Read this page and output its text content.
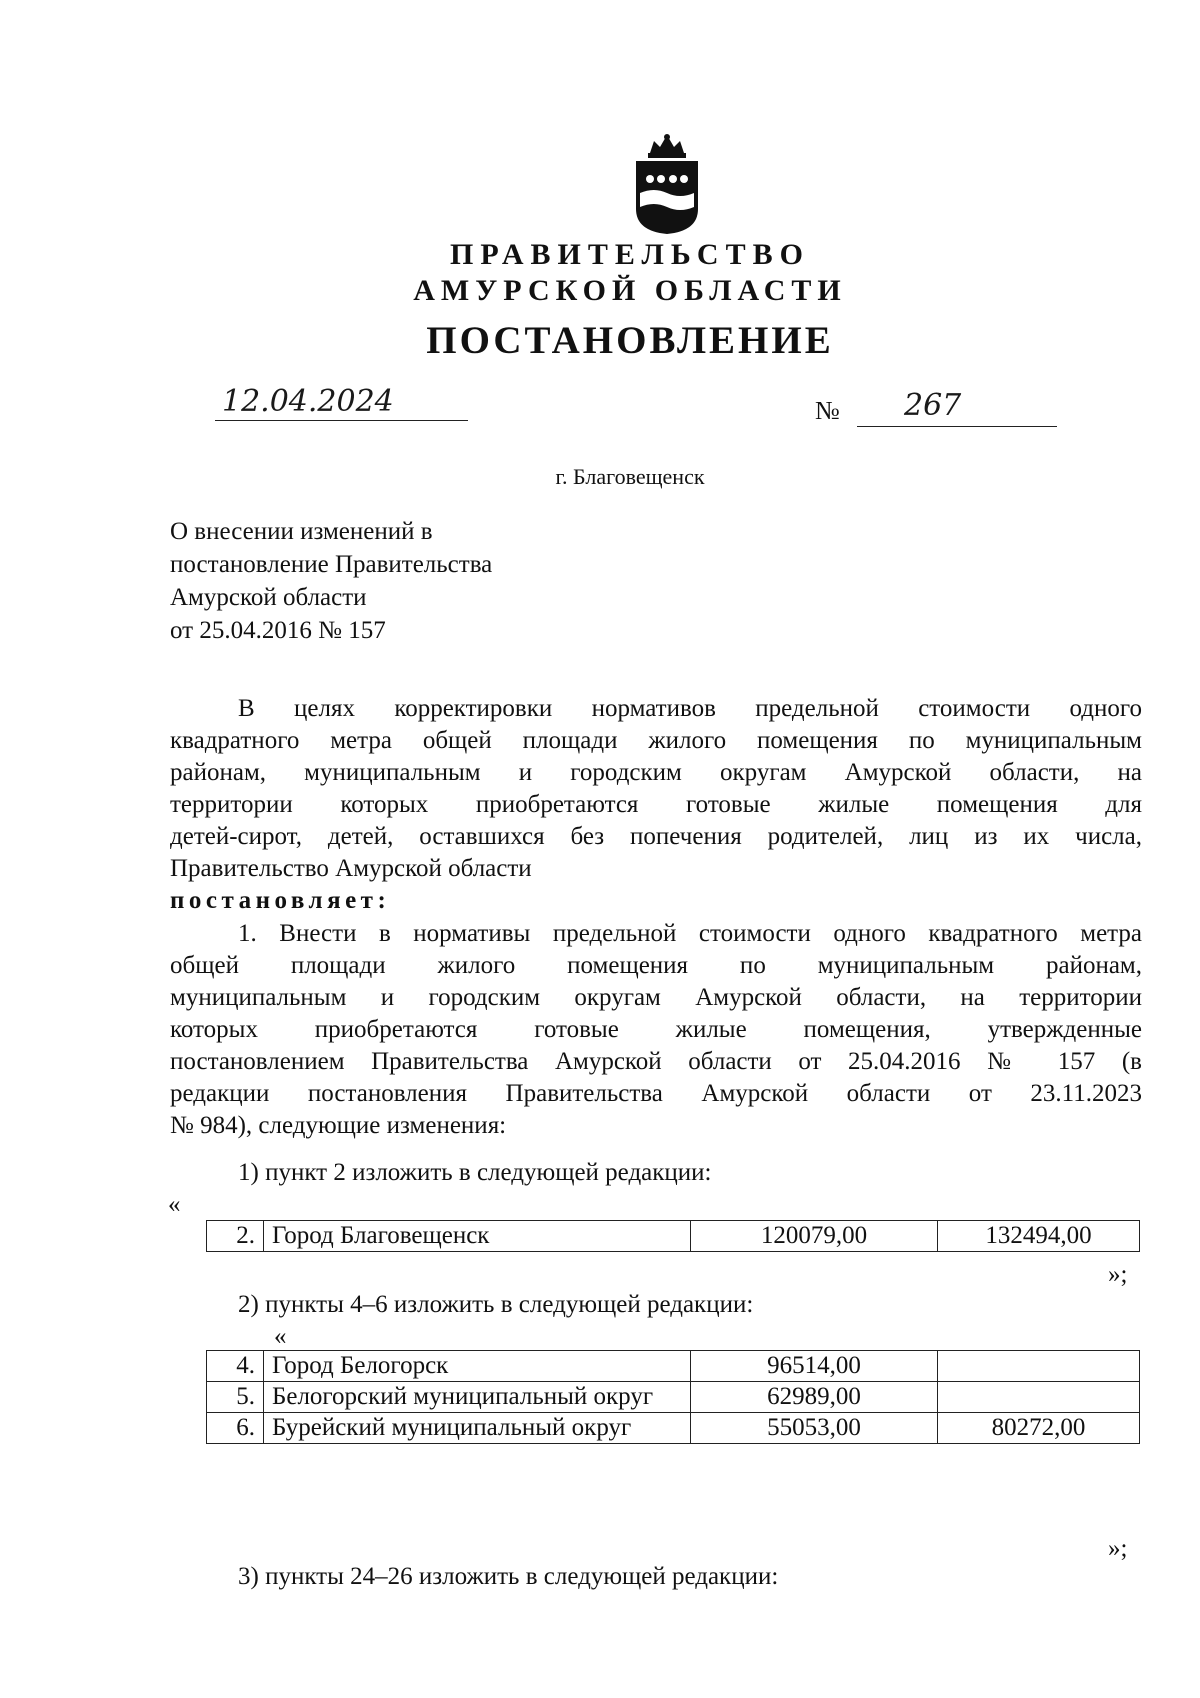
ПРАВИТЕЛЬСТВО
АМУРСКОЙ ОБЛАСТИ
ПОСТАНОВЛЕНИЕ
12.04.2024	№ 267
г. Благовещенск
О внесении изменений в
постановление Правительства
Амурской области
от 25.04.2016 № 157
В целях корректировки нормативов предельной стоимости одного
квадратного метра общей площади жилого помещения по муниципальным
районам, муниципальным и городским округам Амурской области, на
территории которых приобретаются готовые жилые помещения для
детей-сирот, детей, оставшихся без попечения родителей, лиц из их числа,
Правительство Амурской области
постановляет:
1. Внести в нормативы предельной стоимости одного квадратного метра
общей площади жилого помещения по муниципальным районам,
муниципальным и городским округам Амурской области, на территории
которых приобретаются готовые жилые помещения, утвержденные
постановлением Правительства Амурской области от 25.04.2016 № 157 (в
редакции постановления Правительства Амурской области от 23.11.2023
№ 984), следующие изменения:
1) пункт 2 изложить в следующей редакции:
«
2.	Город Благовещенск	120079,00	132494,00
»;
2) пункты 4–6 изложить в следующей редакции:
«
4.	Город Белогорск	96514,00	
5.	Белогорский муниципальный округ	62989,00	
6.	Бурейский муниципальный округ	55053,00	80272,00
»;
3) пункты 24–26 изложить в следующей редакции:
